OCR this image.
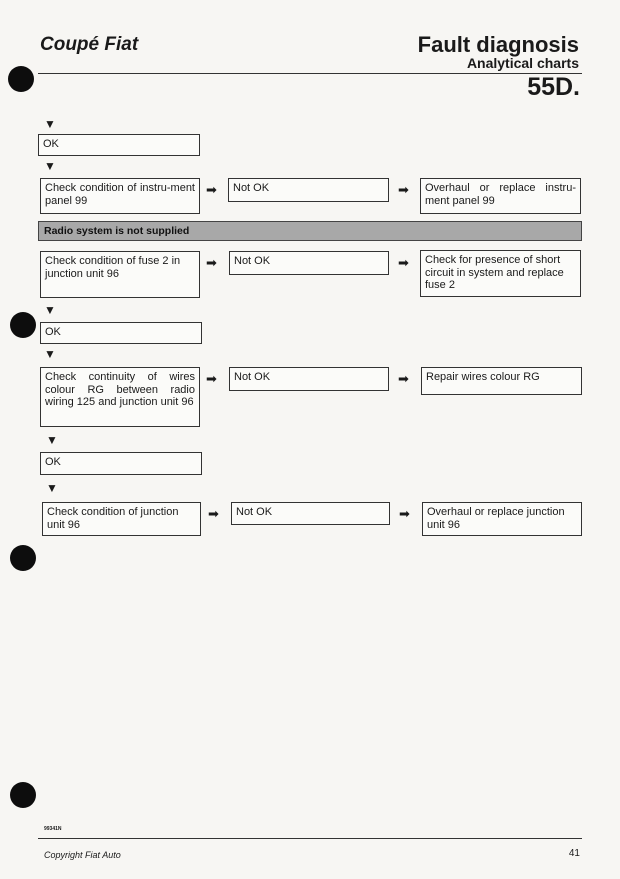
Coupé Fiat	Fault diagnosis
Analytical charts
55D.
▼
OK
▼
Check condition of instru-ment panel 99
➡	Not OK	➡	Overhaul or replace instru-ment panel 99
Radio system is not supplied
Check condition of fuse 2 in junction unit 96
➡	Not OK	➡	Check for presence of short circuit in system and replace fuse 2
▼
OK
▼
Check continuity of wires colour RG between radio wiring 125 and junction unit 96
➡	Not OK	➡	Repair wires colour RG
▼
OK
▼
Check condition of junction unit 96
➡	Not OK	➡	Overhaul or replace junction unit 96
99341N
Copyright Fiat Auto	41
